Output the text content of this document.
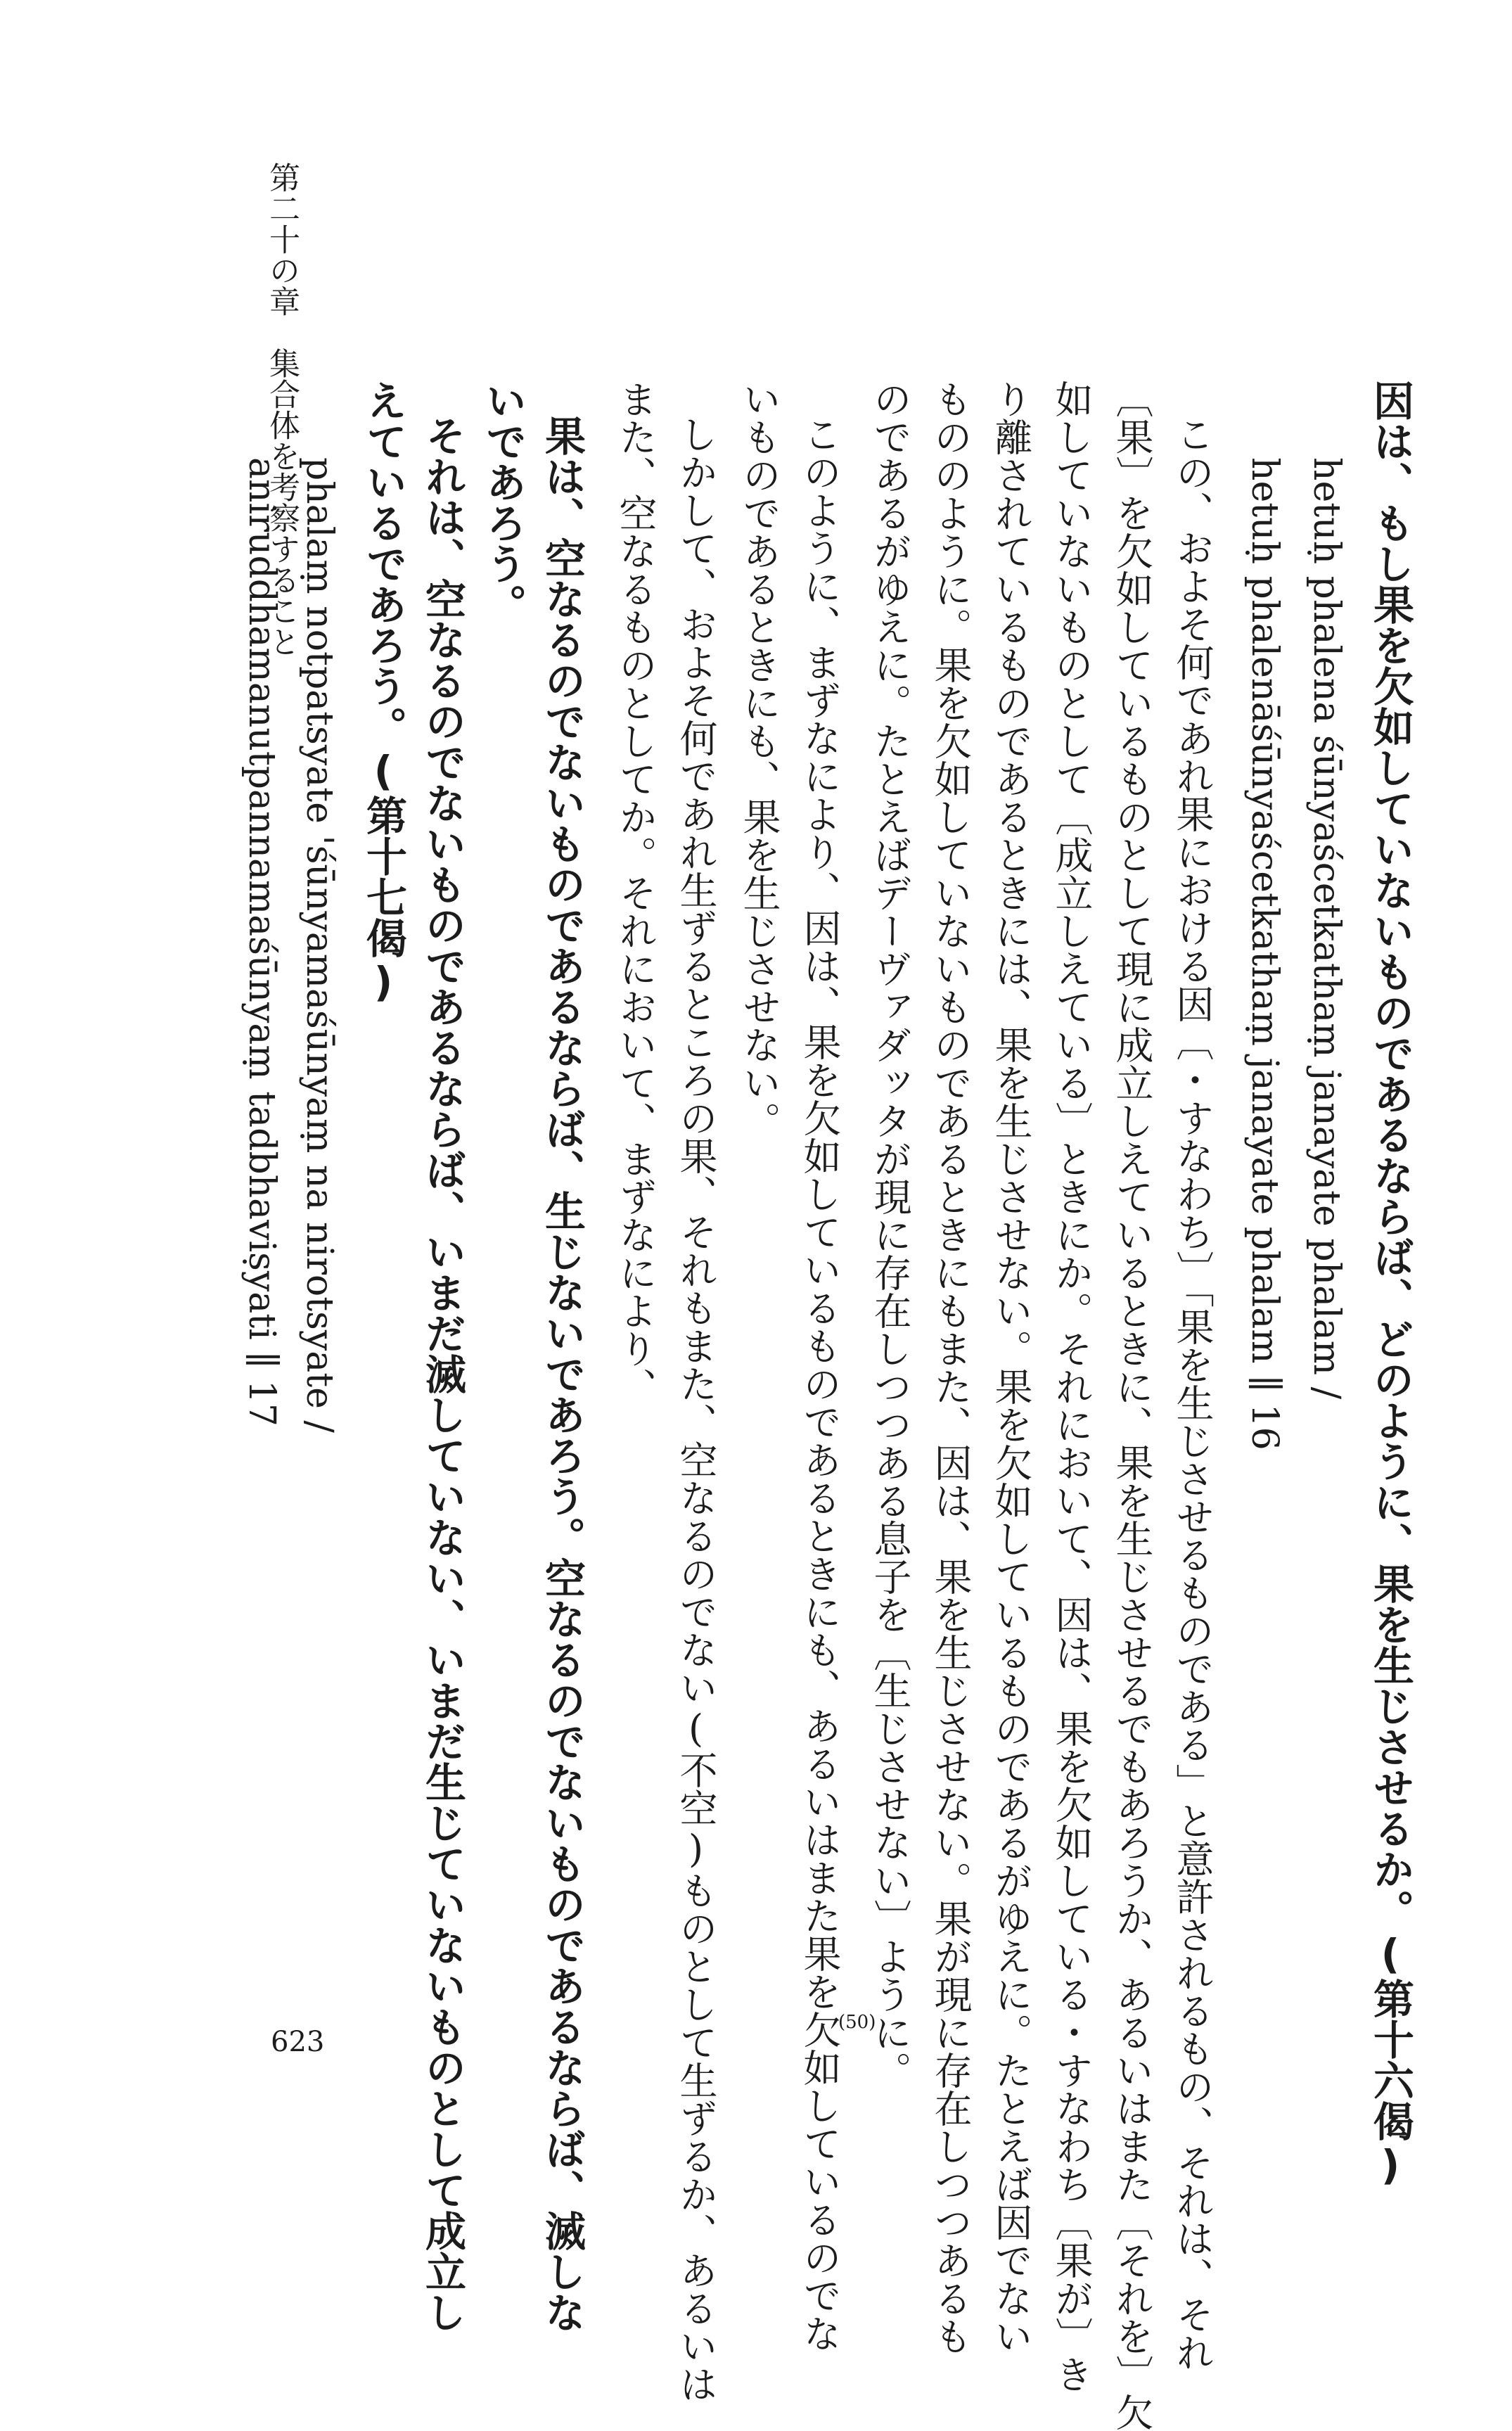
第二十の章　集合体を考察すること	因は、もし果を欠如していないものであるならば、どのように、果を生じさせるか。(第十六偈)
hetuḥ phalena śūnyaścetkathaṃ janayate phalam /
hetuḥ phalenāśūnyaścetkathaṃ janayate phalam ∥ 16
この、およそ何であれ果における因〔・すなわち〕「果を生じさせるものである」と意許されるもの、それは、それ
〔果〕を欠如しているものとして現に成立しえているときに、果を生じさせるでもあろうか、あるいはまた〔それを〕欠
如していないものとして〔成立しえている〕ときにか。それにおいて、因は、果を欠如している・すなわち〔果が〕き
り離されているものであるときには、果を生じさせない。果を欠如しているものであるがゆえに。たとえば因でない
もののように。果を欠如していないものであるときにもまた、因は、果を生じさせない。果が現に存在しつつあるも
のであるがゆえに。たとえばデーヴァダッタが現に存在しつつある息子を〔生じさせない〕ように。
このように、まずなにより、因は、果を欠如しているものであるときにも、あるいはまた果を欠如しているのでな
いものであるときにも、果を生じさせない。
しかして、およそ何であれ生ずるところの果、それもまた、空なるのでない(不空)ものとして生ずるか、あるいは
また、空なるものとしてか。それにおいて、まずなにより、
果は、空なるのでないものであるならば、生じないであろう。空なるのでないものであるならば、滅しな
いであろう。
それは、空なるのでないものであるならば、いまだ滅していない、いまだ生じていないものとして成立し
えているであろう。(第十七偈)
phalaṃ notpatsyate 'śūnyamaśūnyaṃ na nirotsyate /
aniruddhamanutpannamaśūnyaṃ tadbhaviṣyati ∥ 17
623
(50)
